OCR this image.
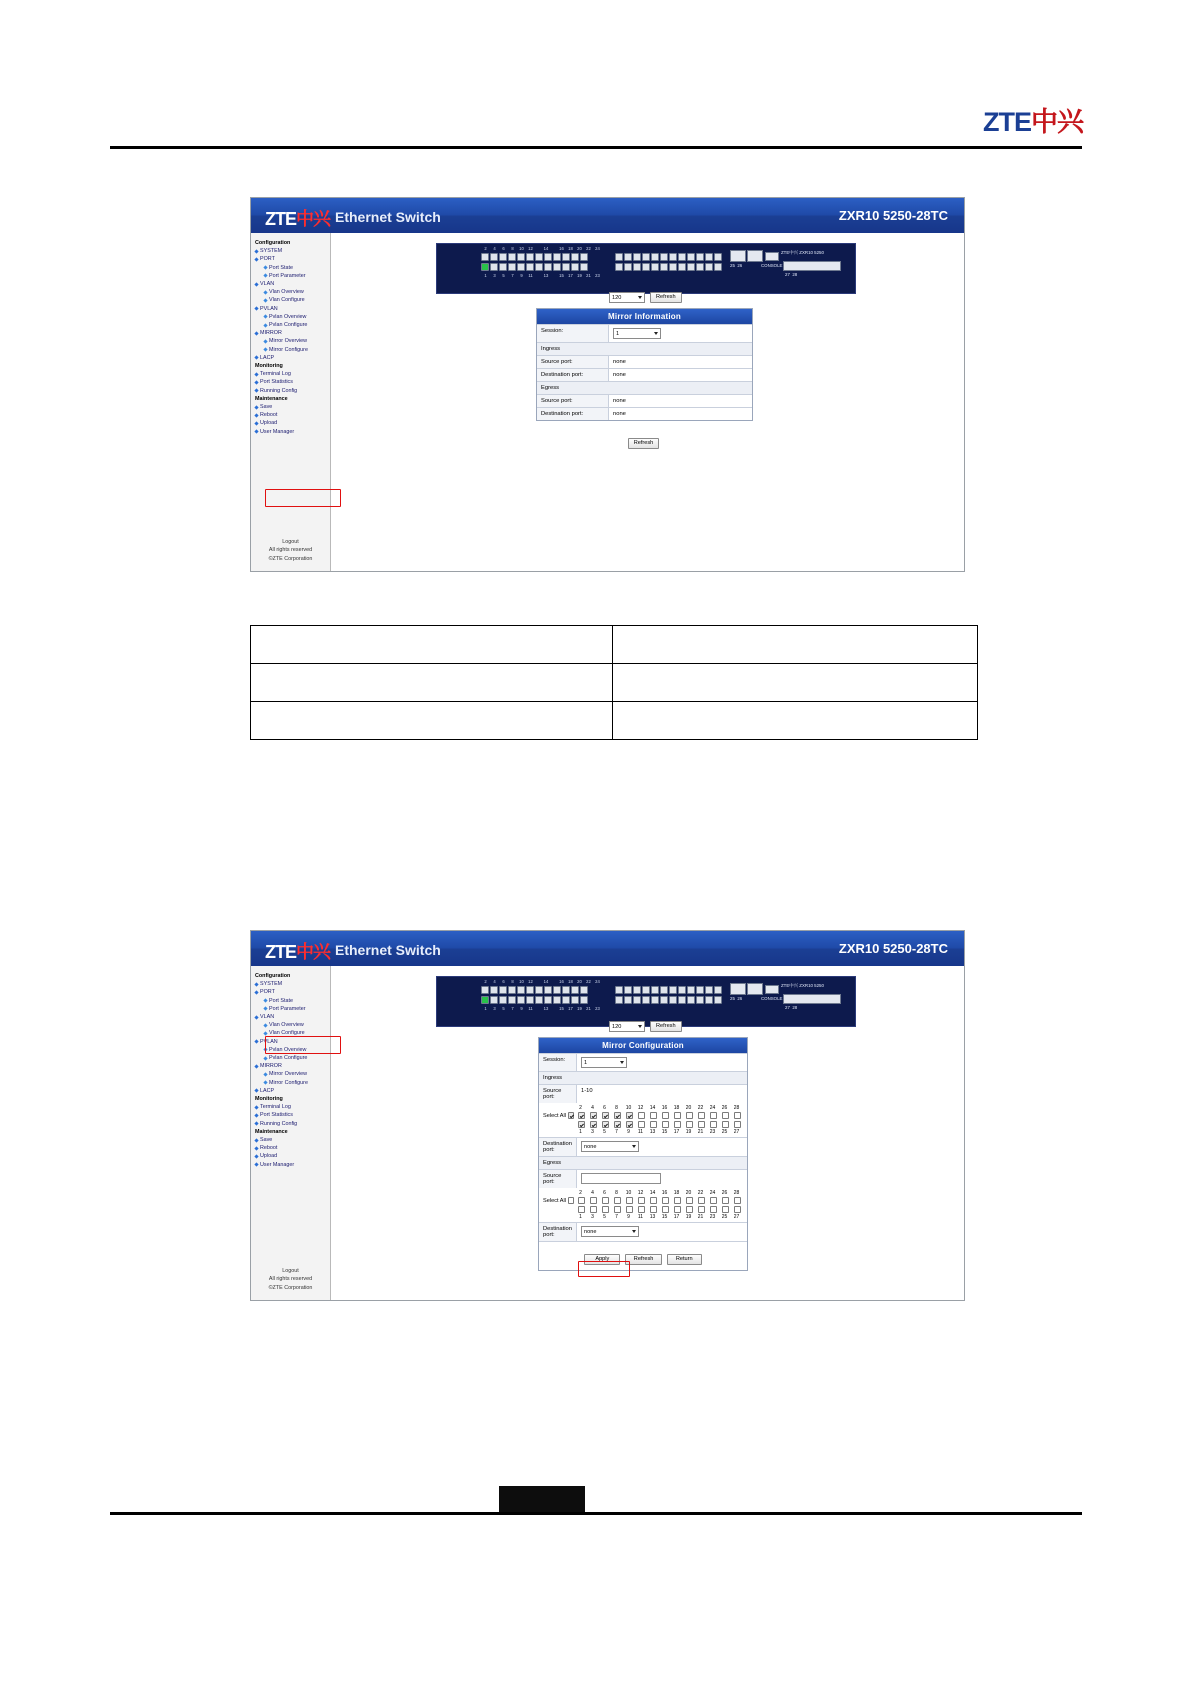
ZTE中兴
ZTE中兴 Ethernet Switch	ZXR10 5250-28TC
Configuration
SYSTEM
PORT
Port State
Port Parameter
VLAN
Vlan Overview
Vlan Configure
PVLAN
Pvlan Overview
Pvlan Configure
MIRROR
Mirror Overview
Mirror Configure
LACP
Monitoring
Terminal Log
Port Statistics
Running Config
Maintenance
Save
Reboot
Upload
User Manager
Logout
All rights reserved
©ZTE Corporation
2	4	6	8	10	12	14	16	18	20	22	24
1	3	5	7	9	11	13	15	17	19	21	23
25 26	CONSOLE
ZTE中兴 ZXR10 5250
27 28
120	Refresh
Mirror Information
Session:	1
Ingress
Source port:	none
Destination port:	none
Egress
Source port:	none
Destination port:	none
Refresh
ZTE中兴 Ethernet Switch	ZXR10 5250-28TC
Configuration
SYSTEM
PORT
Port State
Port Parameter
VLAN
Vlan Overview
Vlan Configure
PVLAN
Pvlan Overview
Pvlan Configure
MIRROR
Mirror Overview
Mirror Configure
LACP
Monitoring
Terminal Log
Port Statistics
Running Config
Maintenance
Save
Reboot
Upload
User Manager
Logout
All rights reserved
©ZTE Corporation
2	4	6	8	10	12	14	16	18	20	22	24
1	3	5	7	9	11	13	15	17	19	21	23
25 26	CONSOLE
ZTE中兴 ZXR10 5250
27 28
120	Refresh
Mirror Configuration
Session:	1
Ingress
Source port:
1-10
2	4	6	8	10	12	14	16	18	20	22	24	26	28
Select All
1	3	5	7	9	11	13	15	17	19	21	23	25	27
Destination port:
none
Egress
Source port:
2	4	6	8	10	12	14	16	18	20	22	24	26	28
Select All
1	3	5	7	9	11	13	15	17	19	21	23	25	27
Destination port:
none
Apply	Refresh	Return
